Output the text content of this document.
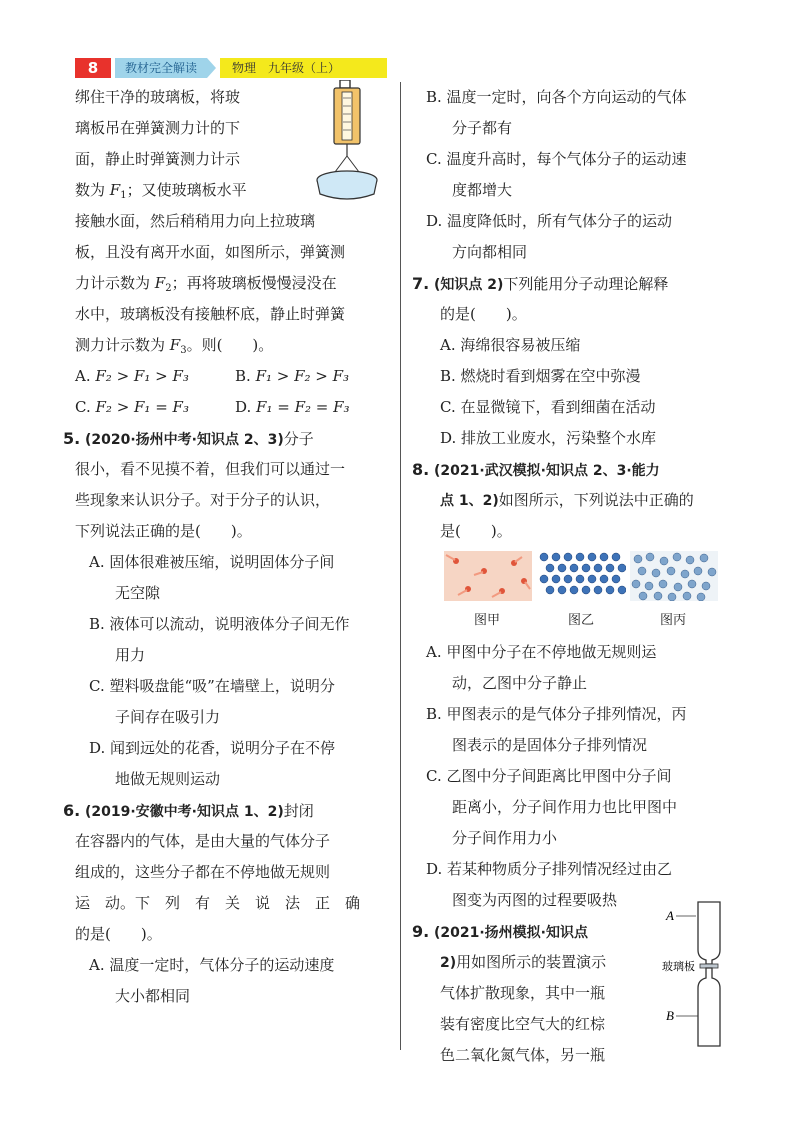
8	教材完全解读	物理　九年级（上）
绑住干净的玻璃板，将玻
璃板吊在弹簧测力计的下
面，静止时弹簧测力计示
数为 $F_1$；又使玻璃板水平
接触水面，然后稍稍用力向上拉玻璃
板，且没有离开水面，如图所示，弹簧测
力计示数为 $F_2$；再将玻璃板慢慢浸没在
水中，玻璃板没有接触杯底，静止时弹簧
测力计示数为 $F_3$。则(　　)。
A. F₂ > F₁ > F₃	B. F₁ > F₂ > F₃
C. F₂ > F₁ = F₃	D. F₁ = F₂ = F₃
5. (2020·扬州中考·知识点 2、3)分子
很小，看不见摸不着，但我们可以通过一
些现象来认识分子。对于分子的认识，
下列说法正确的是(　　)。
A. 固体很难被压缩，说明固体分子间
无空隙
B. 液体可以流动，说明液体分子间无作
用力
C. 塑料吸盘能“吸”在墙壁上，说明分
子间存在吸引力
D. 闻到远处的花香，说明分子在不停
地做无规则运动
6. (2019·安徽中考·知识点 1、2)封闭
在容器内的气体，是由大量的气体分子
组成的，这些分子都在不停地做无规则
运　动。下　列　有　关　说　法　正　确
的是(　　)。
A. 温度一定时，气体分子的运动速度
大小都相同
B. 温度一定时，向各个方向运动的气体
分子都有
C. 温度升高时，每个气体分子的运动速
度都增大
D. 温度降低时，所有气体分子的运动
方向都相同
7. (知识点 2)下列能用分子动理论解释
的是(　　)。
A. 海绵很容易被压缩
B. 燃烧时看到烟雾在空中弥漫
C. 在显微镜下，看到细菌在活动
D. 排放工业废水，污染整个水库
8. (2021·武汉模拟·知识点 2、3·能力
点 1、2)如图所示，下列说法中正确的
是(　　)。
图甲	图乙	图丙
A. 甲图中分子在不停地做无规则运
动，乙图中分子静止
B. 甲图表示的是气体分子排列情况，丙
图表示的是固体分子排列情况
C. 乙图中分子间距离比甲图中分子间
距离小，分子间作用力也比甲图中
分子间作用力小
D. 若某种物质分子排列情况经过由乙
图变为丙图的过程要吸热
9. (2021·扬州模拟·知识点
2)用如图所示的装置演示
气体扩散现象，其中一瓶
装有密度比空气大的红棕
色二氧化氮气体，另一瓶
A
玻璃板
B
